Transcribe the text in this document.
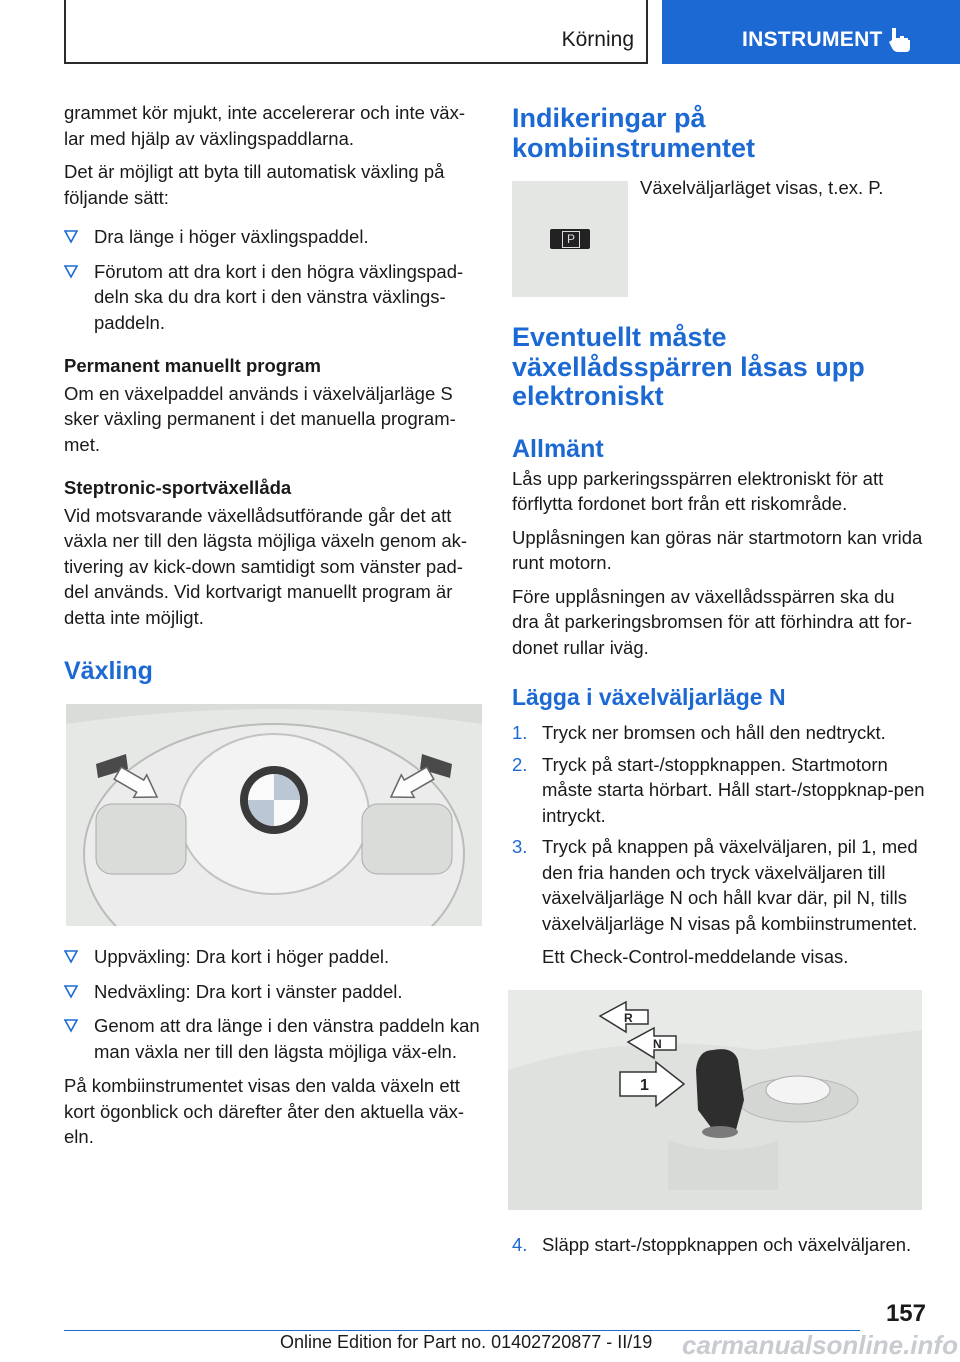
Körning	INSTRUMENT

grammet kör mjukt, inte accelererar och inte väx-lar med hjälp av växlingspaddlarna.

Det är möjligt att byta till automatisk växling på följande sätt:

Dra länge i höger växlingspaddel.
Förutom att dra kort i den högra växlingspad-deln ska du dra kort i den vänstra växlings-paddeln.
Permanent manuellt program

Om en växelpaddel används i växelväljarläge S sker växling permanent i det manuella program-met.

Steptronic-sportväxellåda

Vid motsvarande växellådsutförande går det att växla ner till den lägsta möjliga växeln genom ak-tivering av kick-down samtidigt som vänster pad-del används. Vid kortvarigt manuellt program är detta inte möjligt.

Växling
Uppväxling: Dra kort i höger paddel.
Nedväxling: Dra kort i vänster paddel.
Genom att dra länge i den vänstra paddeln kan man växla ner till den lägsta möjliga väx-eln.

På kombiinstrumentet visas den valda växeln ett kort ögonblick och därefter åter den aktuella väx-eln.

Indikeringar på kombiinstrumentet
P

Växelväljarläget visas, t.ex. P.

Eventuellt måste växellådsspärren låsas upp elektroniskt
Allmänt

Lås upp parkeringsspärren elektroniskt för att förflytta fordonet bort från ett riskområde.

Upplåsningen kan göras när startmotorn kan vrida runt motorn.

Före upplåsningen av växellådsspärren ska du dra åt parkeringsbromsen för att förhindra att for-donet rullar iväg.

Lägga i växelväljarläge N
1. Tryck ner bromsen och håll den nedtryckt.
2. Tryck på start-/stoppknappen. Startmotorn måste starta hörbart. Håll start-/stoppknap-pen intryckt.
3. Tryck på knappen på växelväljaren, pil 1, med den fria handen och tryck växelväljaren till växelväljarläge N och håll kvar där, pil N, tills växelväljarläge N visas på kombiinstrumentet.

Ett Check-Control-meddelande visas.

R
N
1
4. Släpp start-/stoppknappen och växelväljaren.
157
Online Edition for Part no. 01402720877 - II/19 carmanualsonline.info
